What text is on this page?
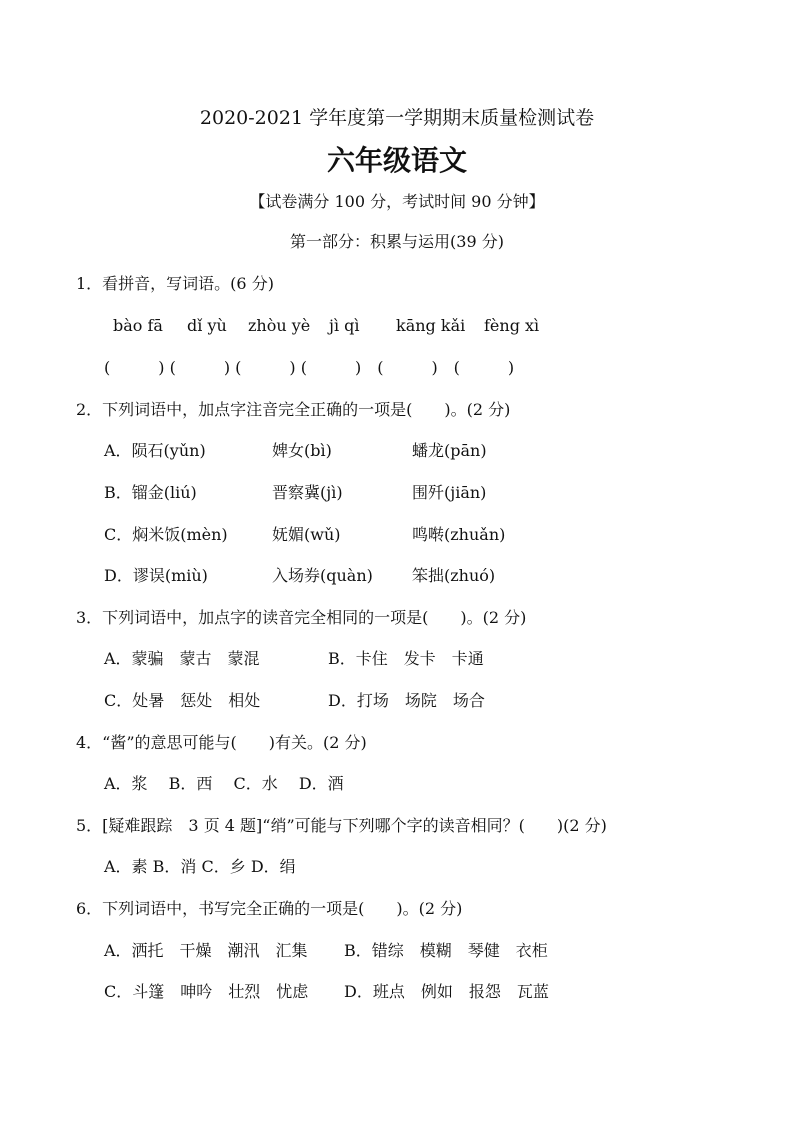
2020-2021 学年度第一学期期末质量检测试卷
六年级语文
【试卷满分 100 分，考试时间 90 分钟】
第一部分：积累与运用(39 分)
1．看拼音，写词语。(6 分)
bào fā dǐ yù zhòu yè jì qì kāng kǎi fèng xì
(　　　) (　　　) (　　　) (　　　)　(　　　)　(　　　)
2．下列词语中，加点字注音完全正确的一项是(　　)。(2 分)
A．陨石(yǔn)	婢女(bì)	蟠龙(pān)
B．镏金(liú)	晋察冀(jì)	围歼(jiān)
C．焖米饭(mèn)	妩媚(wǔ)	鸣啭(zhuǎn)
D．谬误(miù)	入场券(quàn) 笨拙(zhuó)
3．下列词语中，加点字的读音完全相同的一项是(　　)。(2 分)
A．蒙骗　蒙古　蒙混	B．卡住　发卡　卡通
C．处暑　惩处　相处	D．打场　场院　场合
4．“酱”的意思可能与(　　)有关。(2 分)
A．浆　 B．西　 C．水　 D．酒
5．[疑难跟踪　3 页 4 题]“绡”可能与下列哪个字的读音相同？(　　)(2 分)
A．素 B．消 C．乡 D．绢
6．下列词语中，书写完全正确的一项是(　　)。(2 分)
A．洒托　干燥　潮汛　汇集 B．错综　模糊　琴健　衣柜
C．斗篷　呻吟　壮烈　忧虑 D．班点　例如　报怨　瓦蓝
